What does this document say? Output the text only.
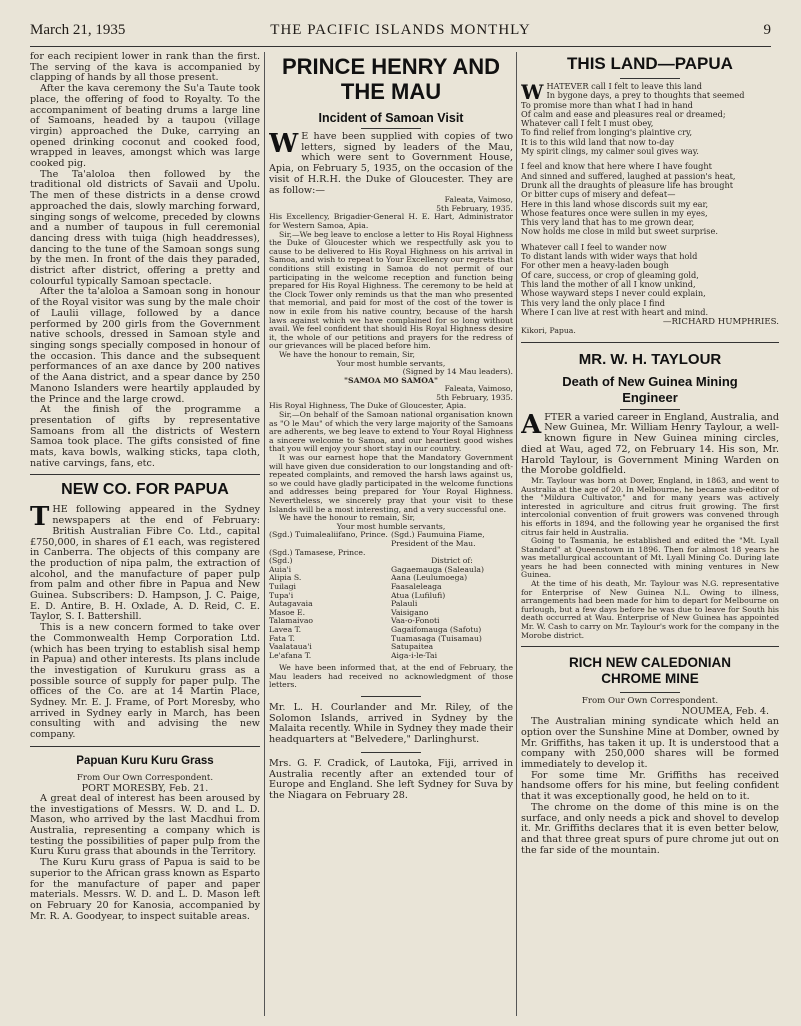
March 21, 1935	THE PACIFIC ISLANDS MONTHLY	9

for each recipient lower in rank than the first. The serving of the kava is accompanied by clapping of hands by all those present.

After the kava ceremony the Su'a Taute took place, the offering of food to Royalty. To the accompaniment of beating drums a large line of Samoans, headed by a taupou (village virgin) approached the Duke, carrying an opened drinking coconut and cooked food, wrapped in leaves, amongst which was large cooked pig.

The Ta'aloloa then followed by the traditional old districts of Savaii and Upolu. The men of these districts in a dense crowd approached the dais, slowly marching forward, singing songs of welcome, preceded by clowns and a number of taupous in full ceremonial dancing dress with tuiga (high headdresses), dancing to the tune of the Samoan songs sung by the men. In front of the dais they paraded, district after district, offering a pretty and colourful typically Samoan spectacle.

After the ta'aloloa a Samoan song in honour of the Royal visitor was sung by the male choir of Laulii village, followed by a dance performed by 200 girls from the Government native schools, dressed in Samoan style and singing songs specially composed in honour of the occasion. This dance and the subsequent performances of an axe dance by 200 natives of the Aana district, and a spear dance by 250 Manono Islanders were heartily applauded by the Prince and the large crowd.

At the finish of the programme a presentation of gifts by representative Samoans from all the districts of Western Samoa took place. The gifts consisted of fine mats, kava bowls, walking sticks, tapa cloth, native carvings, fans, etc.

NEW CO. FOR PAPUA

THE following appeared in the Sydney newspapers at the end of February: British Australian Fibre Co. Ltd., capital £750,000, in shares of £1 each, was registered in Canberra. The objects of this company are the production of nipa palm, the extraction of alcohol, and the manufacture of paper pulp from palm and other fibre in Papua and New Guinea. Subscribers: D. Hampson, J. C. Paige, E. D. Antire, B. H. Oxlade, A. D. Reid, C. E. Taylor, S. I. Battershill.

This is a new concern formed to take over the Commonwealth Hemp Corporation Ltd. (which has been trying to establish sisal hemp in Papua) and other interests. Its plans include the investigation of Kurukuru grass as a possible source of supply for paper pulp. The offices of the Co. are at 14 Martin Place, Sydney. Mr. E. J. Frame, of Port Moresby, who arrived in Sydney early in March, has been consulting with and advising the new company.

Papuan Kuru Kuru Grass

From Our Own Correspondent.

PORT MORESBY, Feb. 21.

A great deal of interest has been aroused by the investigations of Messrs. W. D. and L. D. Mason, who arrived by the last Macdhui from Australia, representing a company which is testing the possibilities of paper pulp from the Kuru Kuru grass that abounds in the Territory.

The Kuru Kuru grass of Papua is said to be superior to the African grass known as Esparto for the manufacture of paper and paper materials. Messrs. W. D. and L. D. Mason left on February 20 for Kanosia, accompanied by Mr. R. A. Goodyear, to inspect suitable areas.

PRINCE HENRY AND
THE MAU

Incident of Samoan Visit

W E have been supplied with copies of two letters, signed by leaders of the Mau, which were sent to Government House, Apia, on February 5, 1935, on the occasion of the visit of H.R.H. the Duke of Gloucester. They are as follow:—

Faleata, Vaimoso,

5th February, 1935.

His Excellency, Brigadier-General H. E. Hart, Administrator for Western Samoa, Apia.

Sir,—We beg leave to enclose a letter to His Royal Highness the Duke of Gloucester which we respectfully ask you to cause to be delivered to His Royal Highness on his arrival in Samoa, and wish to repeat to Your Excellency our regrets that conditions still existing in Samoa do not permit of our participating in the welcome reception and function being prepared for His Royal Highness. The ceremony to be held at the Clock Tower only reminds us that the man who presented that memorial, and paid for most of the cost of the tower is now in exile from his native country, because of the harsh laws against which we have complained for so long without avail. We feel confident that should His Royal Highness desire it, the whole of our petitions and prayers for the redress of our grievances will be placed before him.

We have the honour to remain, Sir,

Your most humble servants,

(Signed by 14 Mau leaders).

"SAMOA MO SAMOA"

Faleata, Vaimoso,

5th February, 1935.

His Royal Highness, The Duke of Gloucester, Apia.

Sir,—On behalf of the Samoan national organisation known as "O le Mau" of which the very large majority of the Samoans are adherents, we beg leave to extend to Your Royal Highness a sincere welcome to Samoa, and our heartiest good wishes that you will enjoy your short stay in our country.

It was our earnest hope that the Mandatory Government will have given due consideration to our longstanding and oft-repeated complaints, and removed the harsh laws against us, so we could have gladly participated in the welcome functions and addresses being prepared for Your Royal Highness. Nevertheless, we sincerely pray that your visit to these Islands will be a most interesting, and a very successful one.

We have the honour to remain, Sir,

Your most humble servants,

(Sgd.) Tuimalealiifano, Prince. (Sgd.) Faumuina Fiame, President of the Mau.
(Sgd.) Tamasese, Prince.
(Sgd.)	District of:
Auia'i	Gagaemauga (Saleaula)
Alipia S.	Aana (Leulumoega)
Tuilagi	Faasaleleaga
Tupa'i	Atua (Lufilufi)
Autagavaia	Palauli
Masoe E.	Vaisigano
Talamaivao	Vaa-o-Fonoti
Lavea T.	Gagaifomauga (Safotu)
Fata T.	Tuamasaga (Tuisamau)
Vaalataua'i	Satupaitea
Le'afana T.	Aiga-i-le-Tai

We have been informed that, at the end of February, the Mau leaders had received no acknowledgment of those letters.

Mr. L. H. Courlander and Mr. Riley, of the Solomon Islands, arrived in Sydney by the Malaita recently. While in Sydney they made their headquarters at "Belvedere," Darlinghurst.

Mrs. G. F. Cradick, of Lautoka, Fiji, arrived in Australia recently after an extended tour of Europe and England. She left Sydney for Suva by the Niagara on February 28.

THIS LAND—PAPUA

WHATEVER call I felt to leave this land

In bygone days, a prey to thoughts that seemed

To promise more than what I had in hand

Of calm and ease and pleasures real or dreamed;

Whatever call I felt I must obey,

To find relief from longing's plaintive cry,

It is to this wild land that now to-day

My spirit clings, my calmer soul gives way.

I feel and know that here where I have fought

And sinned and suffered, laughed at passion's heat,

Drunk all the draughts of pleasure life has brought

Or bitter cups of misery and defeat—

Here in this land whose discords suit my ear,

Whose features once were sullen in my eyes,

This very land that has to me grown dear,

Now holds me close in mild but sweet surprise.

Whatever call I feel to wander now

To distant lands with wider ways that hold

For other men a heavy-laden bough

Of care, success, or crop of gleaming gold,

This land the mother of all I know unkind,

Whose wayward steps I never could explain,

This very land the only place I find

Where I can live at rest with heart and mind.

—RICHARD HUMPHRIES.

Kikori, Papua.

MR. W. H. TAYLOUR

Death of New Guinea Mining
Engineer

AFTER a varied career in England, Australia, and New Guinea, Mr. William Henry Taylour, a well-known figure in New Guinea mining circles, died at Wau, aged 72, on February 14. His son, Mr. Harold Taylour, is Government Mining Warden on the Morobe goldfield.

Mr. Taylour was born at Dover, England, in 1863, and went to Australia at the age of 20. In Melbourne, he became sub-editor of the "Mildura Cultivator," and for many years was actively interested in agriculture and citrus fruit growing. The first intercolonial convention of fruit growers was convened through his efforts in 1894, and the following year he organised the first citrus fair held in Australia.

Going to Tasmania, he established and edited the "Mt. Lyall Standard" at Queenstown in 1896. Then for almost 18 years he was metallurgical accountant of Mt. Lyall Mining Co. During late years he had been connected with mining ventures in New Guinea.

At the time of his death, Mr. Taylour was N.G. representative for Enterprise of New Guinea N.L. Owing to illness, arrangements had been made for him to depart for Melbourne on furlough, but a few days before he was due to leave for South his death occurred at Wau. Enterprise of New Guinea has appointed Mr. W. Cash to carry on Mr. Taylour's work for the company in the Morobe district.

RICH NEW CALEDONIAN
CHROME MINE

From Our Own Correspondent.

NOUMEA, Feb. 4.

The Australian mining syndicate which held an option over the Sunshine Mine at Domber, owned by Mr. Griffiths, has taken it up. It is understood that a company with 250,000 shares will be formed immediately to develop it.

For some time Mr. Griffiths has received handsome offers for his mine, but feeling confident that it was exceptionally good, he held on to it.

The chrome on the dome of this mine is on the surface, and only needs a pick and shovel to develop it. Mr. Griffiths declares that it is even better below, and that three great spurs of pure chrome jut out on the far side of the mountain.
